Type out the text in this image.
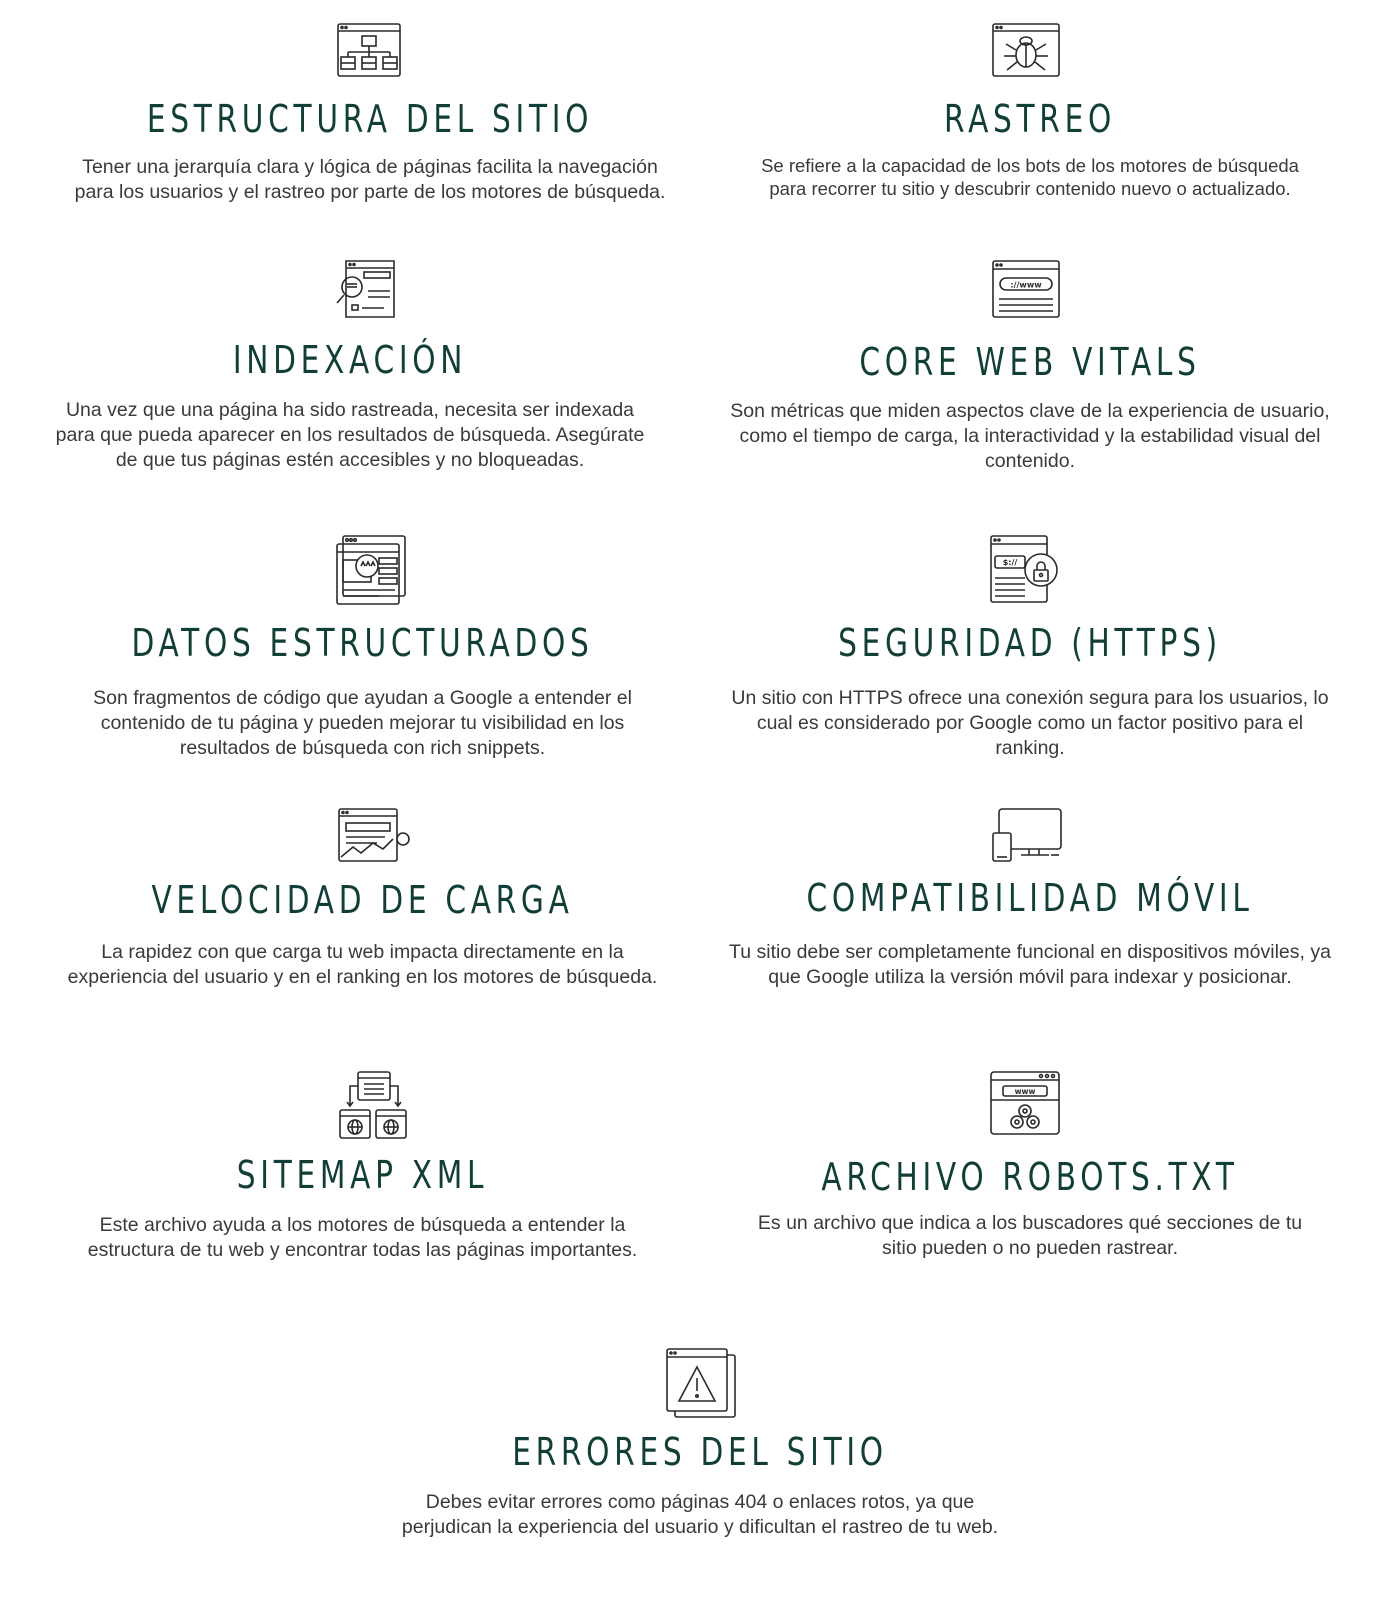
ESTRUCTURA DEL SITIO

Tener una jerarquía clara y lógica de páginas facilita la navegación para los usuarios y el rastreo por parte de los motores de búsqueda.

RASTREO

Se refiere a la capacidad de los bots de los motores de búsqueda para recorrer tu sitio y descubrir contenido nuevo o actualizado.

INDEXACIÓN

Una vez que una página ha sido rastreada, necesita ser indexada para que pueda aparecer en los resultados de búsqueda. Asegúrate de que tus páginas estén accesibles y no bloqueadas.

://www
CORE WEB VITALS

Son métricas que miden aspectos clave de la experiencia de usuario, como el tiempo de carga, la interactividad y la estabilidad visual del contenido.

DATOS ESTRUCTURADOS

Son fragmentos de código que ayudan a Google a entender el contenido de tu página y pueden mejorar tu visibilidad en los resultados de búsqueda con rich snippets.

$://
SEGURIDAD (HTTPS)

Un sitio con HTTPS ofrece una conexión segura para los usuarios, lo cual es considerado por Google como un factor positivo para el ranking.

VELOCIDAD DE CARGA

La rapidez con que carga tu web impacta directamente en la experiencia del usuario y en el ranking en los motores de búsqueda.

COMPATIBILIDAD MÓVIL

Tu sitio debe ser completamente funcional en dispositivos móviles, ya que Google utiliza la versión móvil para indexar y posicionar.

SITEMAP XML

Este archivo ayuda a los motores de búsqueda a entender la estructura de tu web y encontrar todas las páginas importantes.

www
ARCHIVO ROBOTS.TXT

Es un archivo que indica a los buscadores qué secciones de tu sitio pueden o no pueden rastrear.

ERRORES DEL SITIO

Debes evitar errores como páginas 404 o enlaces rotos, ya que perjudican la experiencia del usuario y dificultan el rastreo de tu web.
